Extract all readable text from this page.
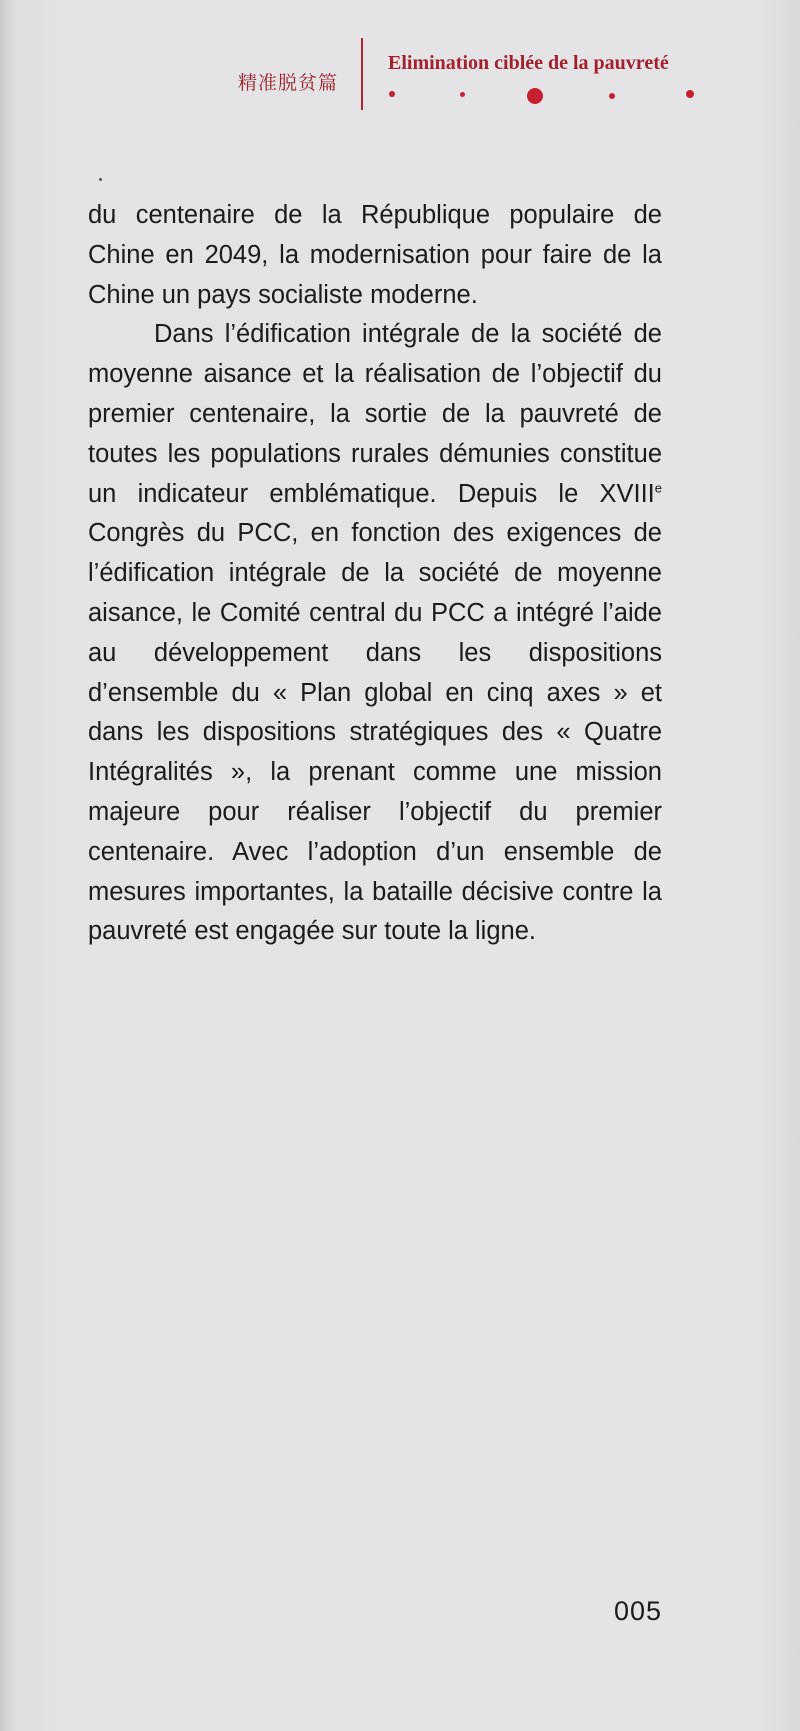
精准脱贫篇
Elimination ciblée de la pauvreté

du centenaire de la République populaire de Chine en 2049, la modernisation pour faire de la Chine un pays socialiste moderne.

Dans l’édification intégrale de la société de moyenne aisance et la réalisation de l’objectif du premier centenaire, la sortie de la pauvreté de toutes les populations rurales démunies constitue un indicateur emblématique. Depuis le XVIIIe Congrès du PCC, en fonction des exigences de l’édification intégrale de la société de moyenne aisance, le Comité central du PCC a intégré l’aide au développement dans les dispositions d’ensemble du « Plan global en cinq axes » et dans les dispositions stratégiques des « Quatre Intégralités », la prenant comme une mission majeure pour réaliser l’objectif du premier centenaire. Avec l’adoption d’un ensemble de mesures importantes, la bataille décisive contre la pauvreté est engagée sur toute la ligne.

005
